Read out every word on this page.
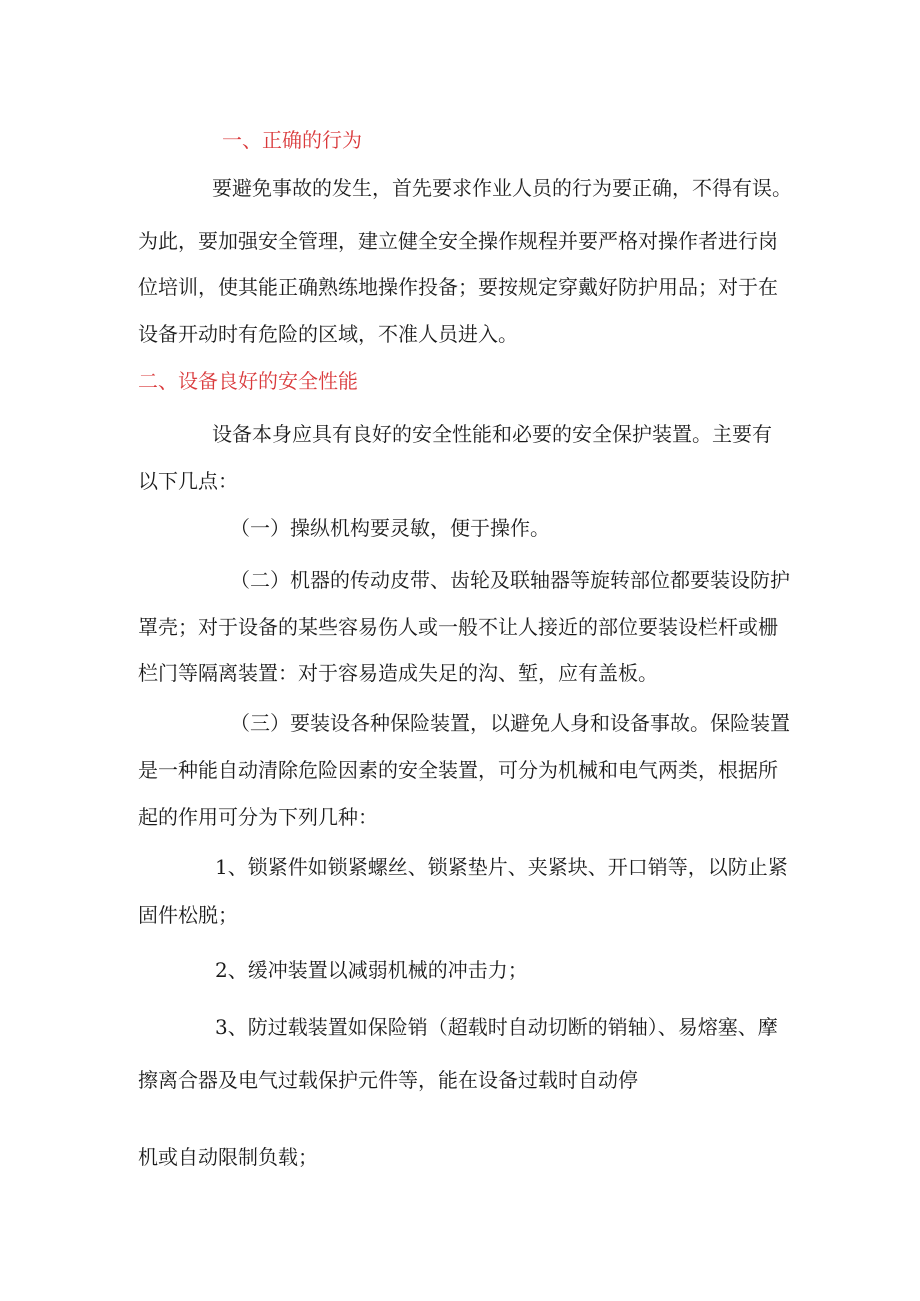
一、正确的行为
要避免事故的发生，首先要求作业人员的行为要正确，不得有误。
为此，要加强安全管理，建立健全安全操作规程并要严格对操作者进行岗
位培训，使其能正确熟练地操作投备；要按规定穿戴好防护用品；对于在
设备开动时有危险的区域，不准人员进入。
二、设备良好的安全性能
设备本身应具有良好的安全性能和必要的安全保护装置。主要有
以下几点：
（一）操纵机构要灵敏，便于操作。
（二）机器的传动皮带、齿轮及联轴器等旋转部位都要装设防护
罩壳；对于设备的某些容易伤人或一般不让人接近的部位要装设栏杆或栅
栏门等隔离装置：对于容易造成失足的沟、堑，应有盖板。
（三）要装设各种保险装置，以避免人身和设备事故。保险装置
是一种能自动清除危险因素的安全装置，可分为机械和电气两类，根据所
起的作用可分为下列几种：
1、锁紧件如锁紧螺丝、锁紧垫片、夹紧块、开口销等，以防止紧
固件松脱；
2、缓冲装置以减弱机械的冲击力；
3、防过载装置如保险销（超载时自动切断的销轴）、易熔塞、摩
擦离合器及电气过载保护元件等，能在设备过载时自动停
机或自动限制负载；
